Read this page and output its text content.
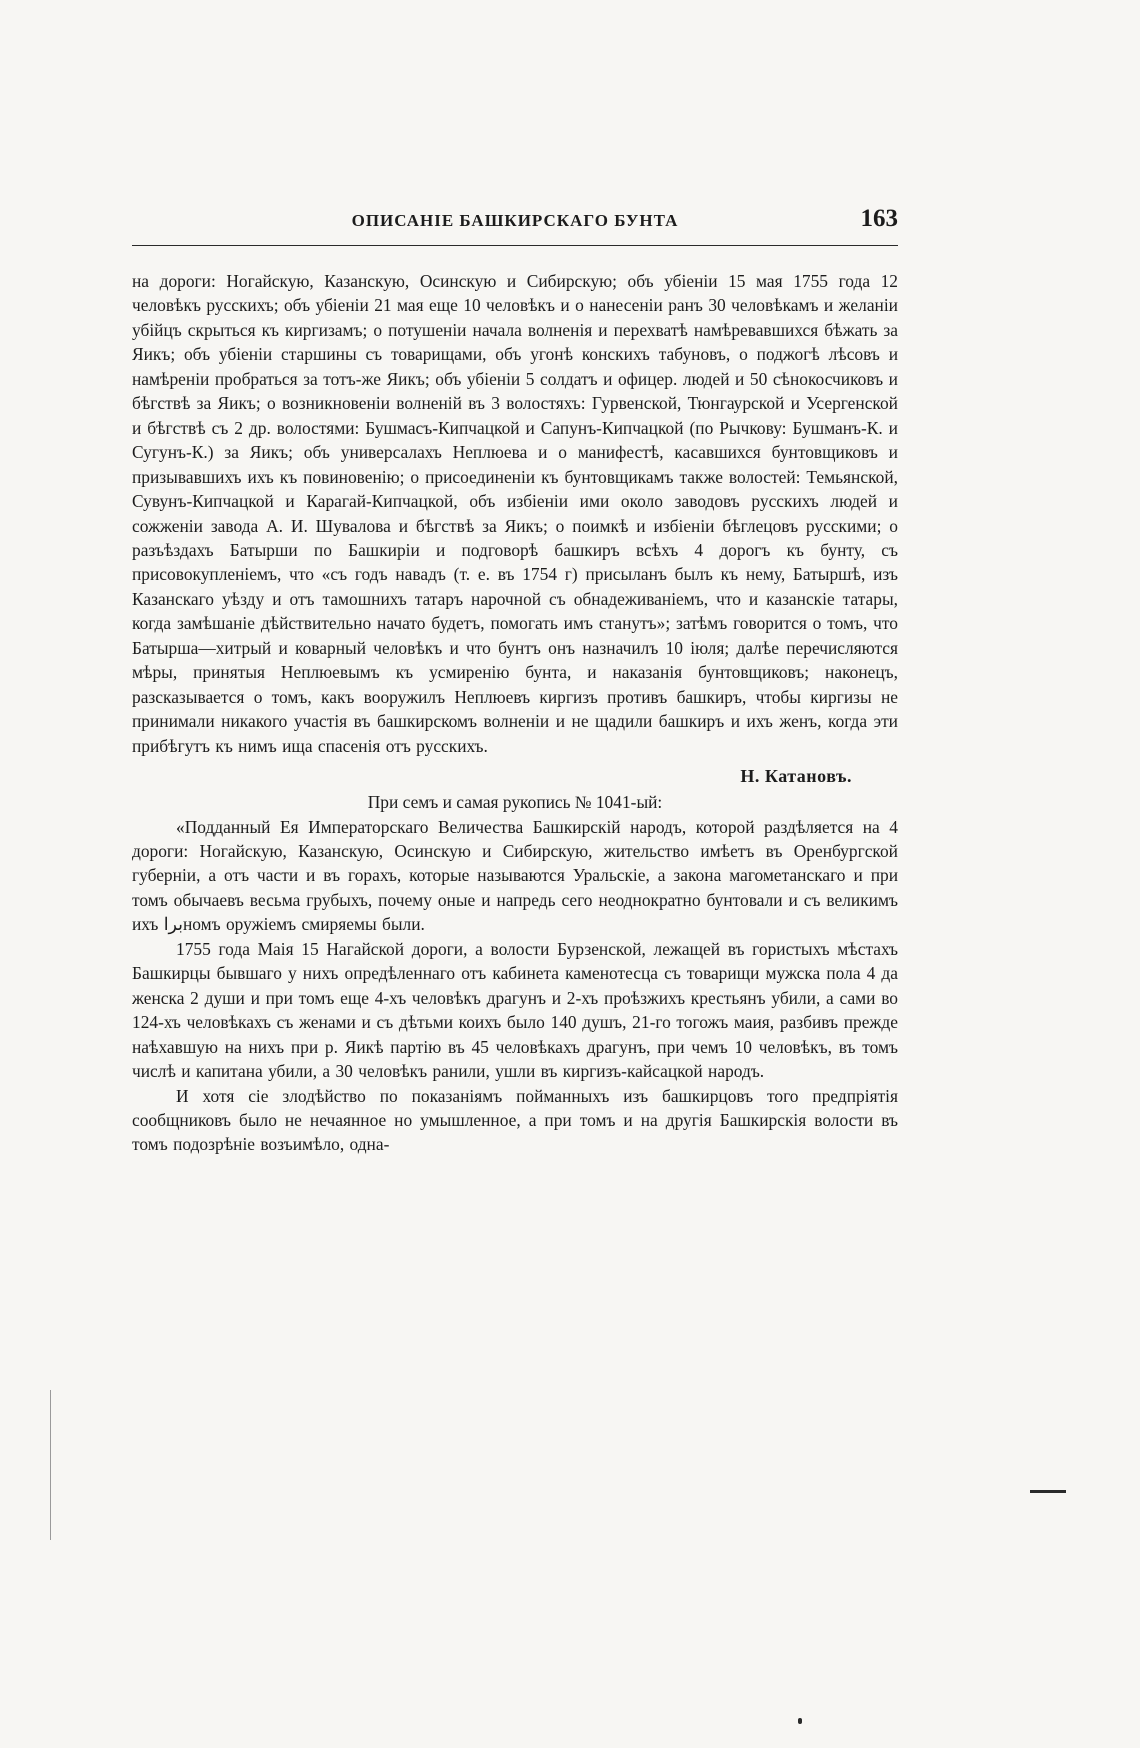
ОПИСАНІЕ БАШКИРСКАГО БУНТА	163

на дороги: Ногайскую, Казанскую, Осинскую и Сибирскую; объ убіеніи 15 мая 1755 года 12 человѣкъ русскихъ; объ убіеніи 21 мая еще 10 человѣкъ и о нанесеніи ранъ 30 человѣкамъ и желаніи убійцъ скрыться къ киргизамъ; о потушеніи начала волненія и перехватѣ намѣревавшихся бѣжать за Яикъ; объ убіеніи старшины съ товарищами, объ угонѣ конскихъ табуновъ, о поджогѣ лѣсовъ и намѣреніи пробраться за тотъ-же Яикъ; объ убіеніи 5 солдатъ и офицер. людей и 50 сѣнокосчиковъ и бѣгствѣ за Яикъ; о возникновеніи волненій въ 3 волостяхъ: Гурвенской, Тюнгаурской и Усергенской и бѣгствѣ съ 2 др. волостями: Бушмасъ-Кипчацкой и Сапунъ-Кипчацкой (по Рычкову: Бушманъ-К. и Сугунъ-К.) за Яикъ; объ универсалахъ Неплюева и о манифестѣ, касавшихся бунтовщиковъ и призывавшихъ ихъ къ повиновенію; о присоединеніи къ бунтовщикамъ также волостей: Темьянской, Сувунъ-Кипчацкой и Карагай-Кипчацкой, объ избіеніи ими около заводовъ русскихъ людей и сожженіи завода А. И. Шувалова и бѣгствѣ за Яикъ; о поимкѣ и избіеніи бѣглецовъ русскими; о разъѣздахъ Батырши по Башкиріи и подговорѣ башкиръ всѣхъ 4 дорогъ къ бунту, съ присовокупленіемъ, что «съ годъ навадъ (т. е. въ 1754 г) присыланъ былъ къ нему, Батыршѣ, изъ Казанскаго уѣзду и отъ тамошнихъ татаръ нарочной съ обнадеживаніемъ, что и казанскіе татары, когда замѣшаніе дѣйствительно начато будетъ, помогать имъ станутъ»; затѣмъ говорится о томъ, что Батырша—хитрый и коварный человѣкъ и что бунтъ онъ назначилъ 10 іюля; далѣе перечисляются мѣры, принятыя Неплюевымъ къ усмиренію бунта, и наказанія бунтовщиковъ; наконецъ, разсказывается о томъ, какъ вооружилъ Неплюевъ киргизъ противъ башкиръ, чтобы киргизы не принимали никакого участія въ башкирскомъ волненіи и не щадили башкиръ и ихъ женъ, когда эти прибѣгутъ къ нимъ ища спасенія отъ русскихъ.

Н. Катановъ.

При семъ и самая рукопись № 1041-ый:

«Подданный Ея Императорскаго Величества Башкирскій народъ, которой раздѣляется на 4 дороги: Ногайскую, Казанскую, Осинскую и Сибирскую, жительство имѣетъ въ Оренбургской губерніи, а отъ части и въ горахъ, которые называются Уральскіе, а закона магометанскаго и при томъ обычаевъ весьма грубыхъ, почему оные и напредь сего неоднократно бунтовали и съ великимъ ихъ براномъ оружіемъ смиряемы были.

1755 года Маія 15 Нагайской дороги, а волости Бурзенской, лежащей въ гористыхъ мѣстахъ Башкирцы бывшаго у нихъ опредѣленнаго отъ кабинета каменотесца съ товарищи мужска пола 4 да женска 2 души и при томъ еще 4-хъ человѣкъ драгунъ и 2-хъ проѣзжихъ крестьянъ убили, а сами во 124-хъ человѣкахъ съ женами и съ дѣтьми коихъ было 140 душъ, 21-го тогожъ маия, разбивъ прежде наѣхавшую на нихъ при р. Яикѣ партію въ 45 человѣкахъ драгунъ, при чемъ 10 человѣкъ, въ томъ числѣ и капитана убили, а 30 человѣкъ ранили, ушли въ киргизъ-кайсацкой народъ.

И хотя сіе злодѣйство по показаніямъ пойманныхъ изъ башкирцовъ того предпріятія сообщниковъ было не нечаянное но умышленное, а при томъ и на другія Башкирскія волости въ томъ подозрѣніе возъимѣло, одна-
